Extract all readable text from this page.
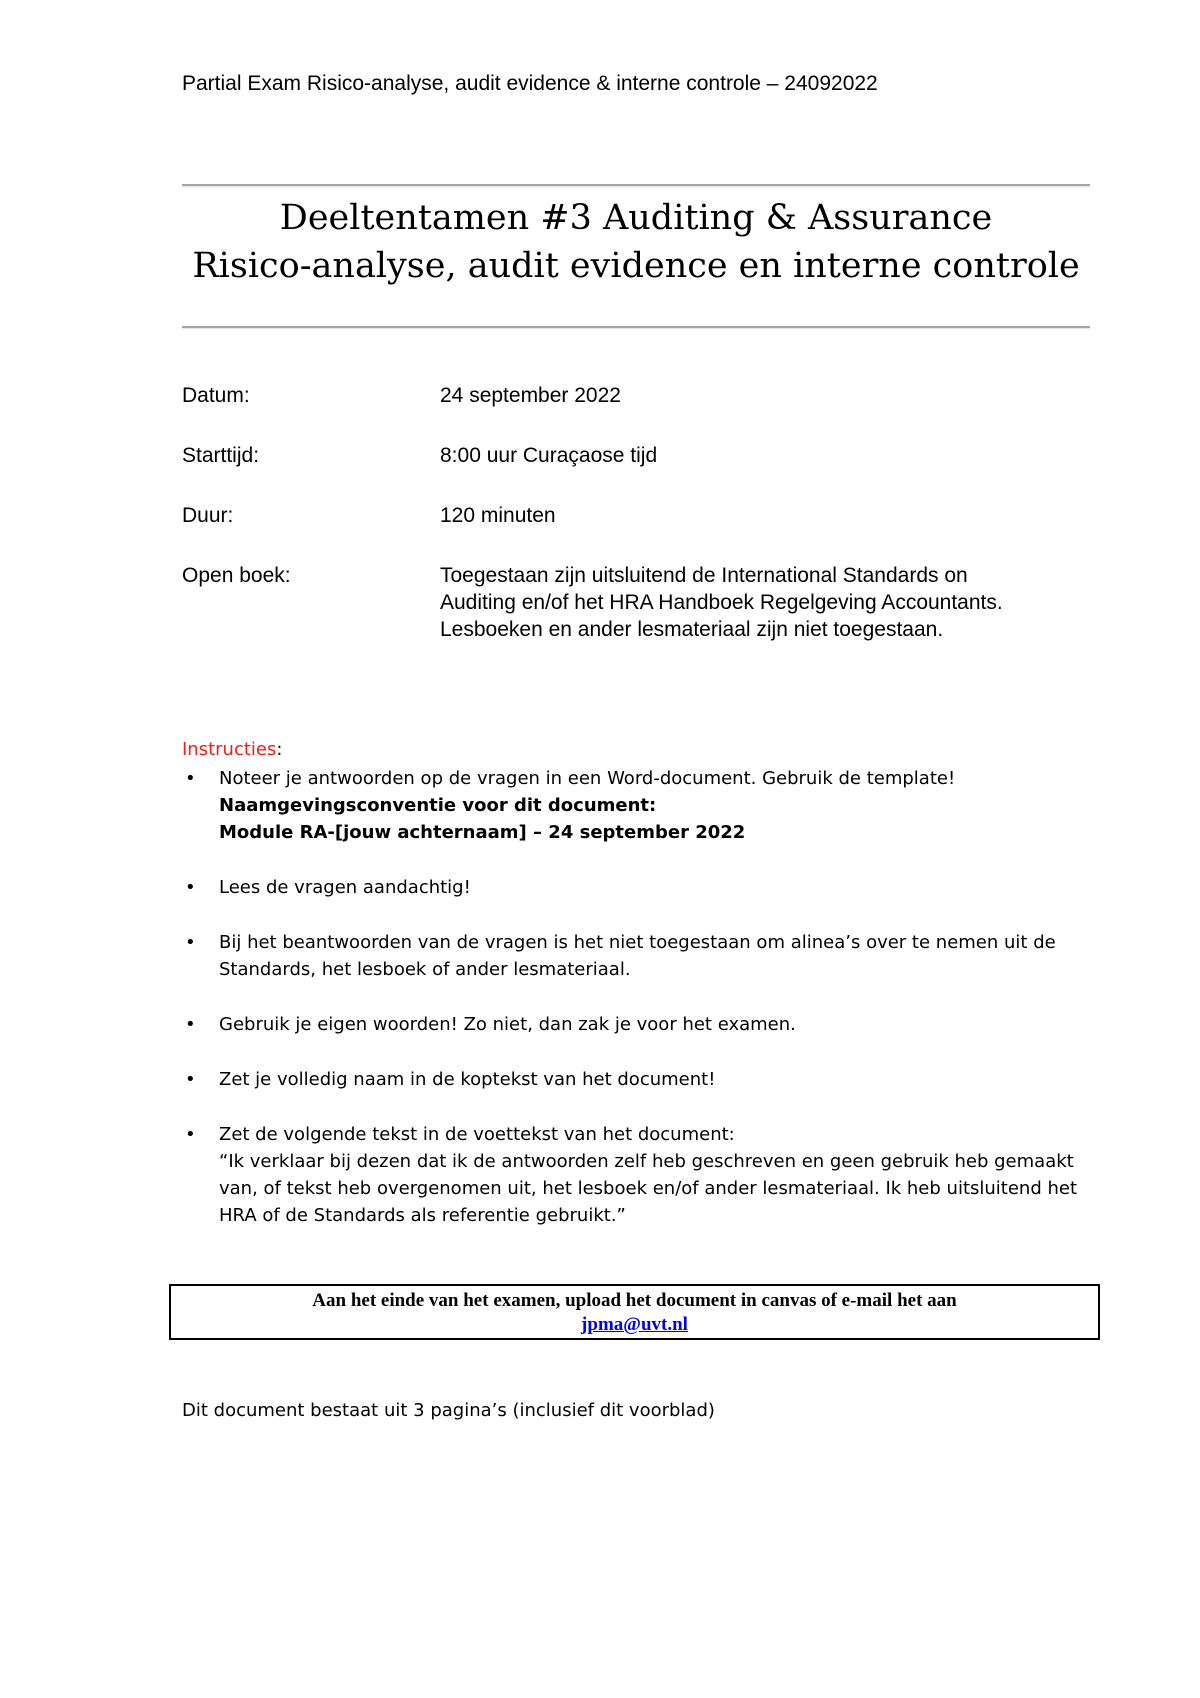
Partial Exam Risico-analyse, audit evidence & interne controle – 24092022
Deeltentamen #3 Auditing & Assurance
Risico-analyse, audit evidence en interne controle
Datum:	24 september 2022
Starttijd:	8:00 uur Curaçaose tijd
Duur:	120 minuten
Open boek:	Toegestaan zijn uitsluitend de International Standards on
Auditing en/of het HRA Handboek Regelgeving Accountants.
Lesboeken en ander lesmateriaal zijn niet toegestaan.
Instructies:
• Noteer je antwoorden op de vragen in een Word-document. Gebruik de template!
Naamgevingsconventie voor dit document:
Module RA-[jouw achternaam] – 24 september 2022
• Lees de vragen aandachtig!
• Bij het beantwoorden van de vragen is het niet toegestaan om alinea’s over te nemen uit de
Standards, het lesboek of ander lesmateriaal.
• Gebruik je eigen woorden! Zo niet, dan zak je voor het examen.
• Zet je volledig naam in de koptekst van het document!
• Zet de volgende tekst in de voettekst van het document:
“Ik verklaar bij dezen dat ik de antwoorden zelf heb geschreven en geen gebruik heb gemaakt
van, of tekst heb overgenomen uit, het lesboek en/of ander lesmateriaal. Ik heb uitsluitend het
HRA of de Standards als referentie gebruikt.”
Aan het einde van het examen, upload het document in canvas of e-mail het aan
jpma@uvt.nl
Dit document bestaat uit 3 pagina’s (inclusief dit voorblad)
